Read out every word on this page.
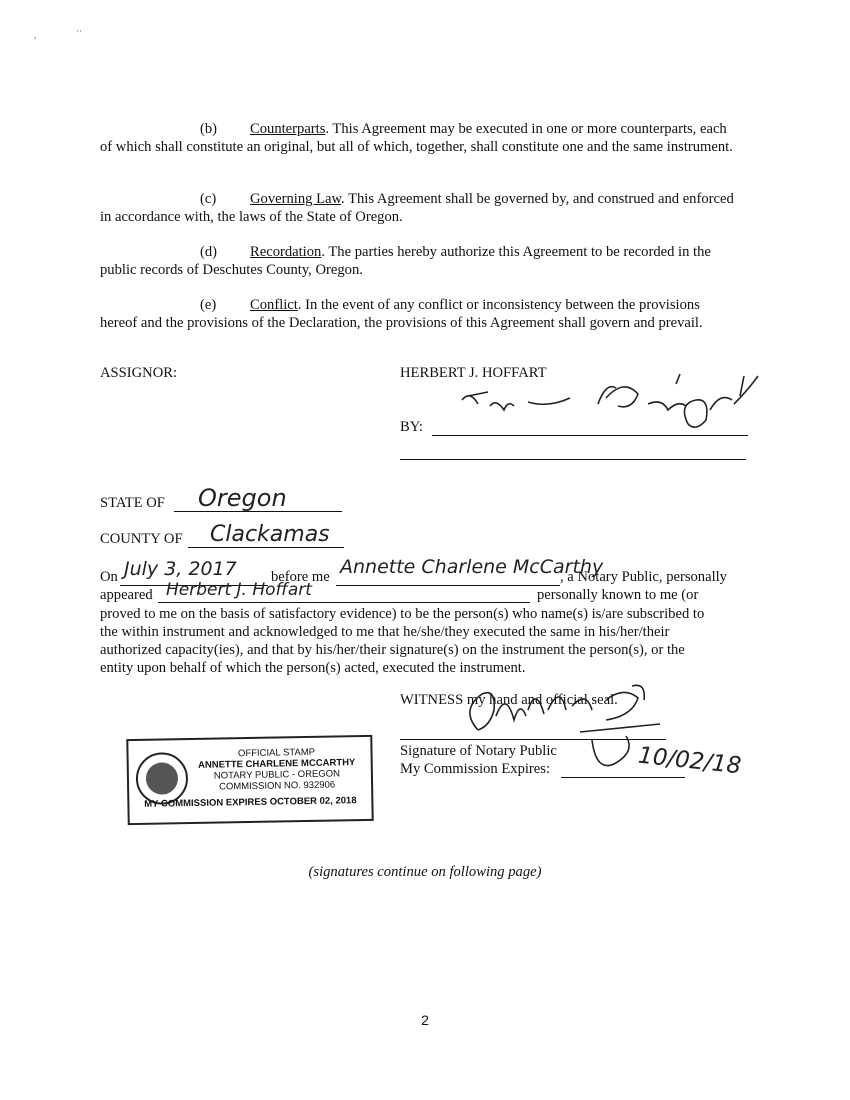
,	··
(b) Counterparts. This Agreement may be executed in one or more counterparts, each of which shall constitute an original, but all of which, together, shall constitute one and the same instrument.
(c) Governing Law. This Agreement shall be governed by, and construed and enforced in accordance with, the laws of the State of Oregon.
(d) Recordation. The parties hereby authorize this Agreement to be recorded in the public records of Deschutes County, Oregon.
(e) Conflict. In the event of any conflict or inconsistency between the provisions hereof and the provisions of the Declaration, the provisions of this Agreement shall govern and prevail.
ASSIGNOR:	HERBERT J. HOFFART
BY:
STATE OF Oregon
COUNTY OF Clackamas
On July 3, 2017 before me Annette Charlene McCarthy
, a Notary Public, personally
appeared Herbert J. Hoffart	personally known to me (or
proved to me on the basis of satisfactory evidence) to be the person(s) who name(s) is/are subscribed to
the within instrument and acknowledged to me that he/she/they executed the same in his/her/their
authorized capacity(ies), and that by his/her/their signature(s) on the instrument the person(s), or the
entity upon behalf of which the person(s) acted, executed the instrument.
WITNESS my hand and official seal.
Signature of Notary Public
My Commission Expires:	10/02/18
OFFICIAL STAMP
ANNETTE CHARLENE MCCARTHY
NOTARY PUBLIC - OREGON
COMMISSION NO. 932906
MY COMMISSION EXPIRES OCTOBER 02, 2018
(signatures continue on following page)
2
